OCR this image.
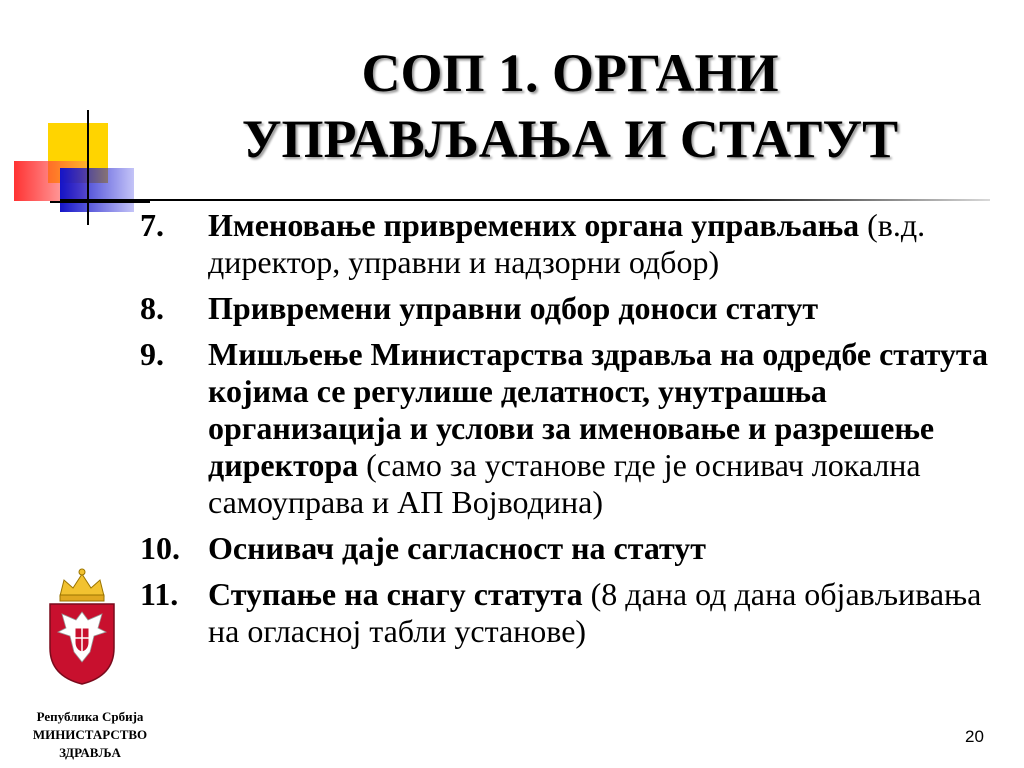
СОП 1. ОРГАНИ
УПРАВЉАЊА И СТАТУТ
7. Именовање привремених органа управљања (в.д. директор, управни и надзорни одбор)
8. Привремени управни одбор доноси статут
9. Мишљење Министарства здравља на одредбе статута којима се регулише делатност, унутрашња организација и услови за именовање и разрешење директора (само за установе где је оснивач локална самоуправа и АП Војводина)
10. Оснивач даје сагласност на статут
11. Ступање на снагу статута (8 дана од дана објављивања на огласној табли установе)
Република Србија
МИНИСТАРСТВО
ЗДРАВЉА
20
